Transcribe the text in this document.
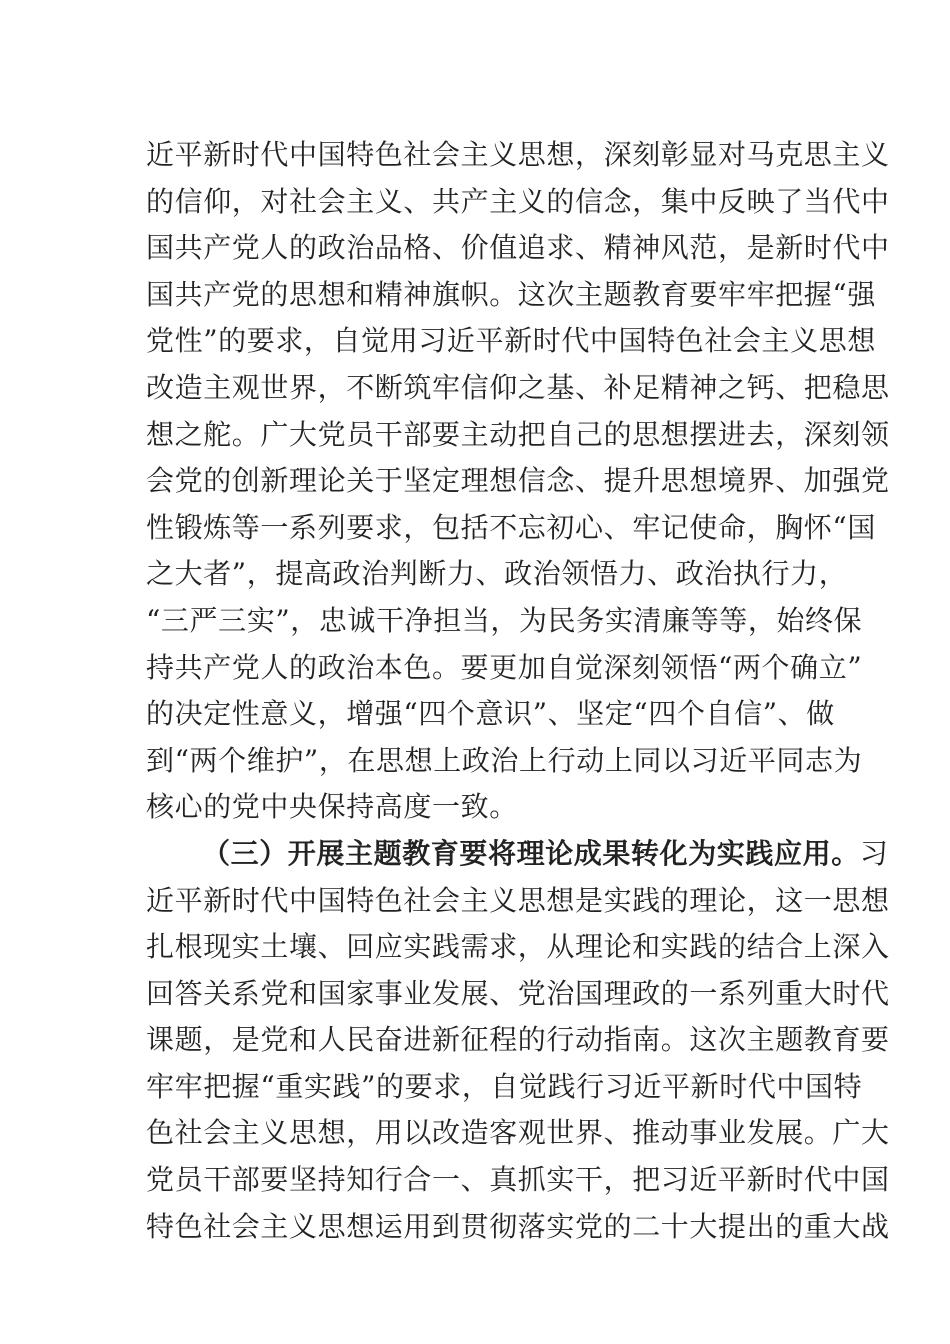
近平新时代中国特色社会主义思想，深刻彰显对马克思主义
的信仰，对社会主义、共产主义的信念，集中反映了当代中
国共产党人的政治品格、价值追求、精神风范，是新时代中
国共产党的思想和精神旗帜。这次主题教育要牢牢把握“强
党性”的要求，自觉用习近平新时代中国特色社会主义思想
改造主观世界，不断筑牢信仰之基、补足精神之钙、把稳思
想之舵。广大党员干部要主动把自己的思想摆进去，深刻领
会党的创新理论关于坚定理想信念、提升思想境界、加强党
性锻炼等一系列要求，包括不忘初心、牢记使命，胸怀“国
之大者”，提高政治判断力、政治领悟力、政治执行力，
“三严三实”，忠诚干净担当，为民务实清廉等等，始终保
持共产党人的政治本色。要更加自觉深刻领悟“两个确立”
的决定性意义，增强“四个意识”、坚定“四个自信”、做
到“两个维护”，在思想上政治上行动上同以习近平同志为
核心的党中央保持高度一致。
（三）开展主题教育要将理论成果转化为实践应用。习
近平新时代中国特色社会主义思想是实践的理论，这一思想
扎根现实土壤、回应实践需求，从理论和实践的结合上深入
回答关系党和国家事业发展、党治国理政的一系列重大时代
课题，是党和人民奋进新征程的行动指南。这次主题教育要
牢牢把握“重实践”的要求，自觉践行习近平新时代中国特
色社会主义思想，用以改造客观世界、推动事业发展。广大
党员干部要坚持知行合一、真抓实干，把习近平新时代中国
特色社会主义思想运用到贯彻落实党的二十大提出的重大战
